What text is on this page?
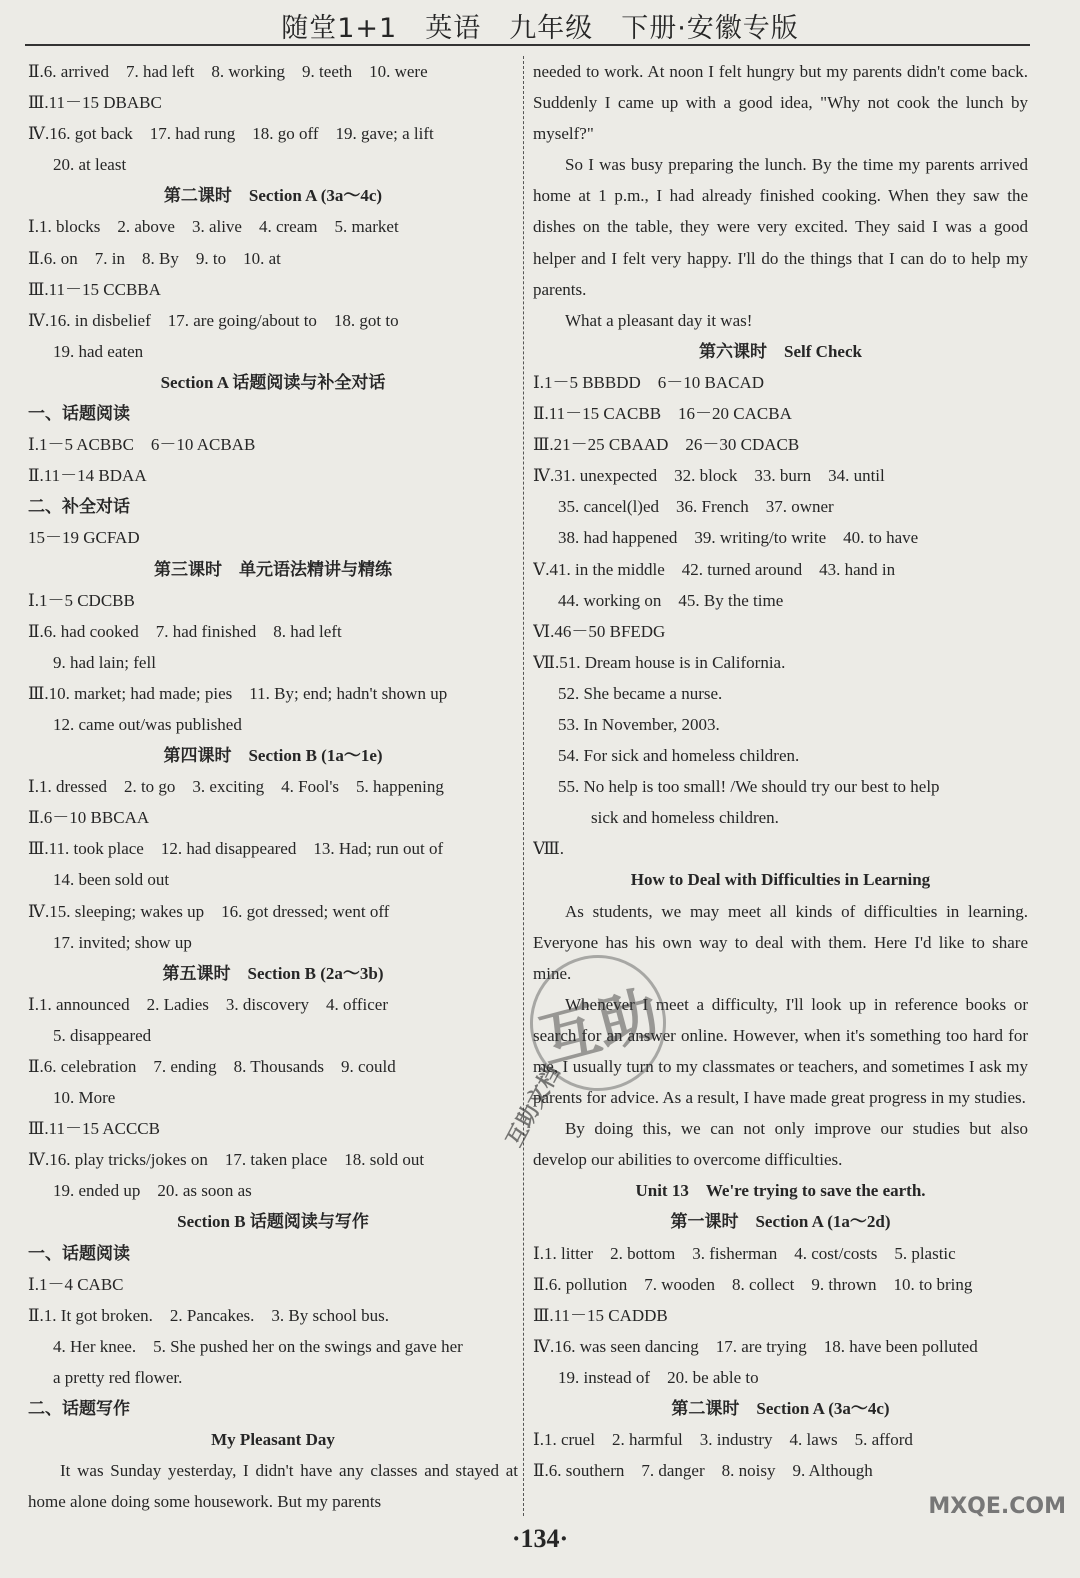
随堂1+1　英语　九年级　下册·安徽专版
Ⅱ.6. arrived　7. had left　8. working　9. teeth　10. were
Ⅲ.11－15 DBABC
Ⅳ.16. got back　17. had rung　18. go off　19. gave; a lift
20. at least
第二课时　Section A (3a～4c)
Ⅰ.1. blocks　2. above　3. alive　4. cream　5. market
Ⅱ.6. on　7. in　8. By　9. to　10. at
Ⅲ.11－15 CCBBA
Ⅳ.16. in disbelief　17. are going/about to　18. got to
19. had eaten
Section A 话题阅读与补全对话
一、话题阅读
Ⅰ.1－5 ACBBC　6－10 ACBAB
Ⅱ.11－14 BDAA
二、补全对话
15－19 GCFAD
第三课时　单元语法精讲与精练
Ⅰ.1－5 CDCBB
Ⅱ.6. had cooked　7. had finished　8. had left
9. had lain; fell
Ⅲ.10. market; had made; pies　11. By; end; hadn't shown up
12. came out/was published
第四课时　Section B (1a～1e)
Ⅰ.1. dressed　2. to go　3. exciting　4. Fool's　5. happening
Ⅱ.6－10 BBCAA
Ⅲ.11. took place　12. had disappeared　13. Had; run out of
14. been sold out
Ⅳ.15. sleeping; wakes up　16. got dressed; went off
17. invited; show up
第五课时　Section B (2a～3b)
Ⅰ.1. announced　2. Ladies　3. discovery　4. officer
5. disappeared
Ⅱ.6. celebration　7. ending　8. Thousands　9. could
10. More
Ⅲ.11－15 ACCCB
Ⅳ.16. play tricks/jokes on　17. taken place　18. sold out
19. ended up　20. as soon as
Section B 话题阅读与写作
一、话题阅读
Ⅰ.1－4 CABC
Ⅱ.1. It got broken.　2. Pancakes.　3. By school bus.
4. Her knee.　5. She pushed her on the swings and gave her
a pretty red flower.
二、话题写作
My Pleasant Day
It was Sunday yesterday, I didn't have any classes and stayed at home alone doing some housework. But my parents
needed to work. At noon I felt hungry but my parents didn't come back. Suddenly I came up with a good idea, "Why not cook the lunch by myself?"
So I was busy preparing the lunch. By the time my parents arrived home at 1 p.m., I had already finished cooking. When they saw the dishes on the table, they were very excited. They said I was a good helper and I felt very happy. I'll do the things that I can do to help my parents.
What a pleasant day it was!
第六课时　Self Check
Ⅰ.1－5 BBBDD　6－10 BACAD
Ⅱ.11－15 CACBB　16－20 CACBA
Ⅲ.21－25 CBAAD　26－30 CDACB
Ⅳ.31. unexpected　32. block　33. burn　34. until
35. cancel(l)ed　36. French　37. owner
38. had happened　39. writing/to write　40. to have
Ⅴ.41. in the middle　42. turned around　43. hand in
44. working on　45. By the time
Ⅵ.46－50 BFEDG
Ⅶ.51. Dream house is in California.
52. She became a nurse.
53. In November, 2003.
54. For sick and homeless children.
55. No help is too small! /We should try our best to help
sick and homeless children.
Ⅷ.
How to Deal with Difficulties in Learning
As students, we may meet all kinds of difficulties in learning. Everyone has his own way to deal with them. Here I'd like to share mine.
Whenever I meet a difficulty, I'll look up in reference books or search for an answer online. However, when it's something too hard for me, I usually turn to my classmates or teachers, and sometimes I ask my parents for advice. As a result, I have made great progress in my studies.
By doing this, we can not only improve our studies but also develop our abilities to overcome difficulties.
Unit 13　We're trying to save the earth.
第一课时　Section A (1a～2d)
Ⅰ.1. litter　2. bottom　3. fisherman　4. cost/costs　5. plastic
Ⅱ.6. pollution　7. wooden　8. collect　9. thrown　10. to bring
Ⅲ.11－15 CADDB
Ⅳ.16. was seen dancing　17. are trying　18. have been polluted
19. instead of　20. be able to
第二课时　Section A (3a～4c)
Ⅰ.1. cruel　2. harmful　3. industry　4. laws　5. afford
Ⅱ.6. southern　7. danger　8. noisy　9. Although
互助
互助文档
·134·
MXQE.COM
